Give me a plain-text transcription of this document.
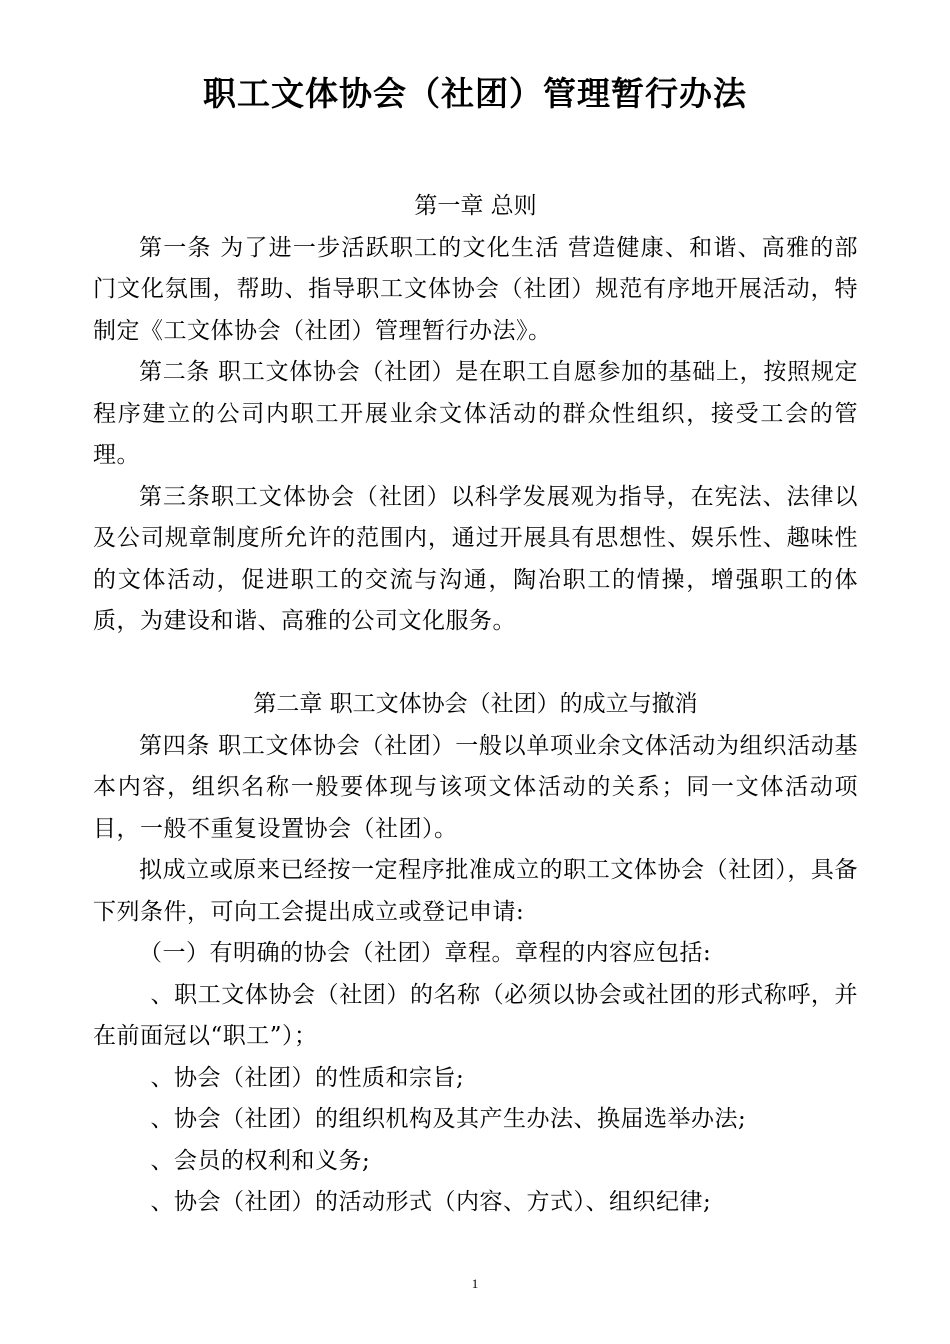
职工文体协会（社团）管理暂行办法

第一章 总则

第一条 为了进一步活跃职工的文化生活 营造健康、和谐、高雅的部门文化氛围，帮助、指导职工文体协会（社团）规范有序地开展活动，特制定《工文体协会（社团）管理暂行办法》。

第二条 职工文体协会（社团）是在职工自愿参加的基础上，按照规定程序建立的公司内职工开展业余文体活动的群众性组织，接受工会的管理。

第三条职工文体协会（社团）以科学发展观为指导，在宪法、法律以及公司规章制度所允许的范围内，通过开展具有思想性、娱乐性、趣味性的文体活动，促进职工的交流与沟通，陶冶职工的情操，增强职工的体质，为建设和谐、高雅的公司文化服务。

第二章 职工文体协会（社团）的成立与撤消

第四条 职工文体协会（社团）一般以单项业余文体活动为组织活动基本内容，组织名称一般要体现与该项文体活动的关系；同一文体活动项目，一般不重复设置协会（社团）。

拟成立或原来已经按一定程序批准成立的职工文体协会（社团），具备下列条件，可向工会提出成立或登记申请:

（一）有明确的协会（社团）章程。章程的内容应包括:

、职工文体协会（社团）的名称（必须以协会或社团的形式称呼，并在前面冠以“职工”）；

、协会（社团）的性质和宗旨;

、协会（社团）的组织机构及其产生办法、换届选举办法;

、会员的权利和义务;

、协会（社团）的活动形式（内容、方式）、组织纪律;

1
